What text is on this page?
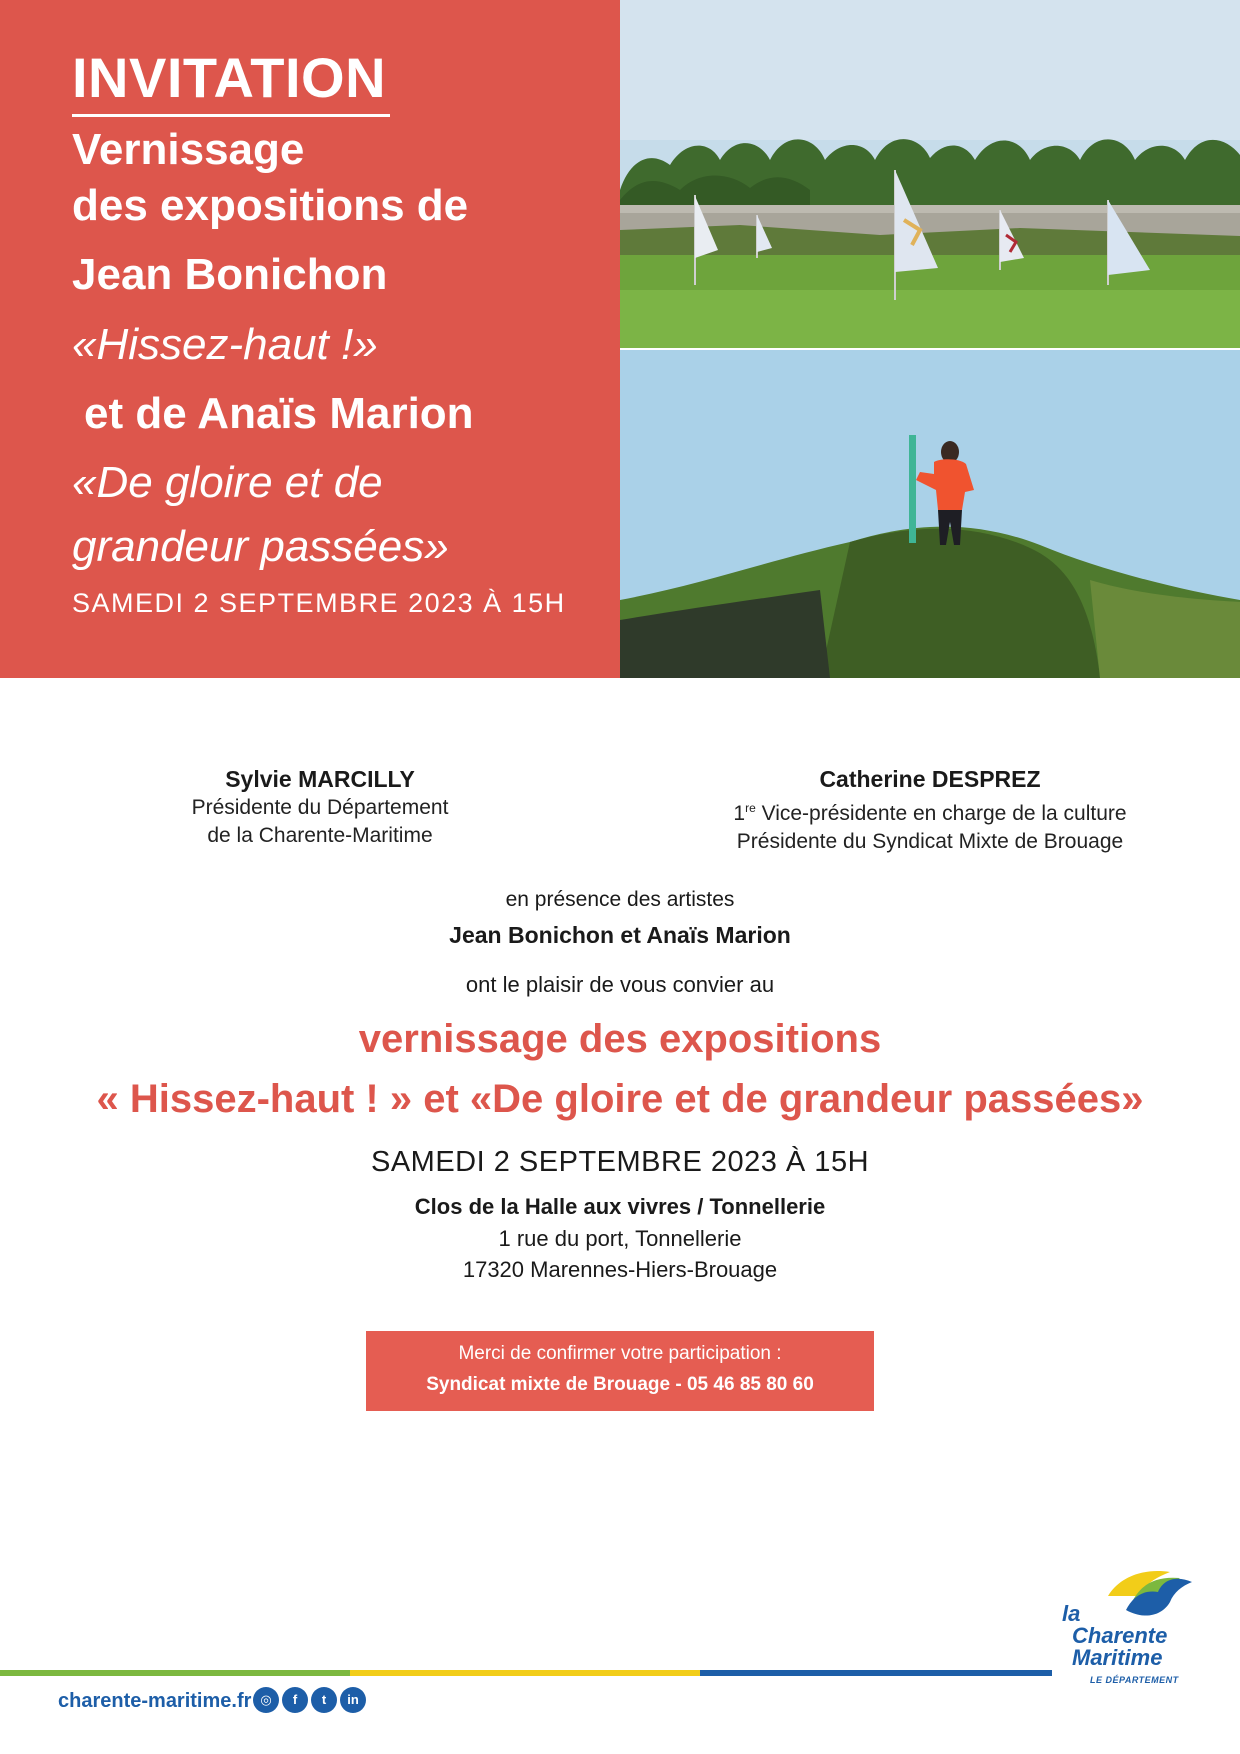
INVITATION
Vernissage
des expositions de
Jean Bonichon
«Hissez-haut !»
et de Anaïs Marion
«De gloire et de
grandeur passées»
SAMEDI 2 SEPTEMBRE 2023 À 15H
Sylvie MARCILLY
Présidente du Département
de la Charente-Maritime
Catherine DESPREZ
1re Vice-présidente en charge de la culture
Présidente du Syndicat Mixte de Brouage
en présence des artistes
Jean Bonichon et Anaïs Marion
ont le plaisir de vous convier au
vernissage des expositions
« Hissez-haut ! » et «De gloire et de grandeur passées»
SAMEDI 2 SEPTEMBRE 2023 À 15H
Clos de la Halle aux vivres / Tonnellerie
1 rue du port, Tonnellerie
17320 Marennes-Hiers-Brouage
Merci de confirmer votre participation :
Syndicat mixte de Brouage - 05 46 85 80 60
charente-maritime.fr ◎	f	t	in
la
Charente
Maritime
LE DÉPARTEMENT
